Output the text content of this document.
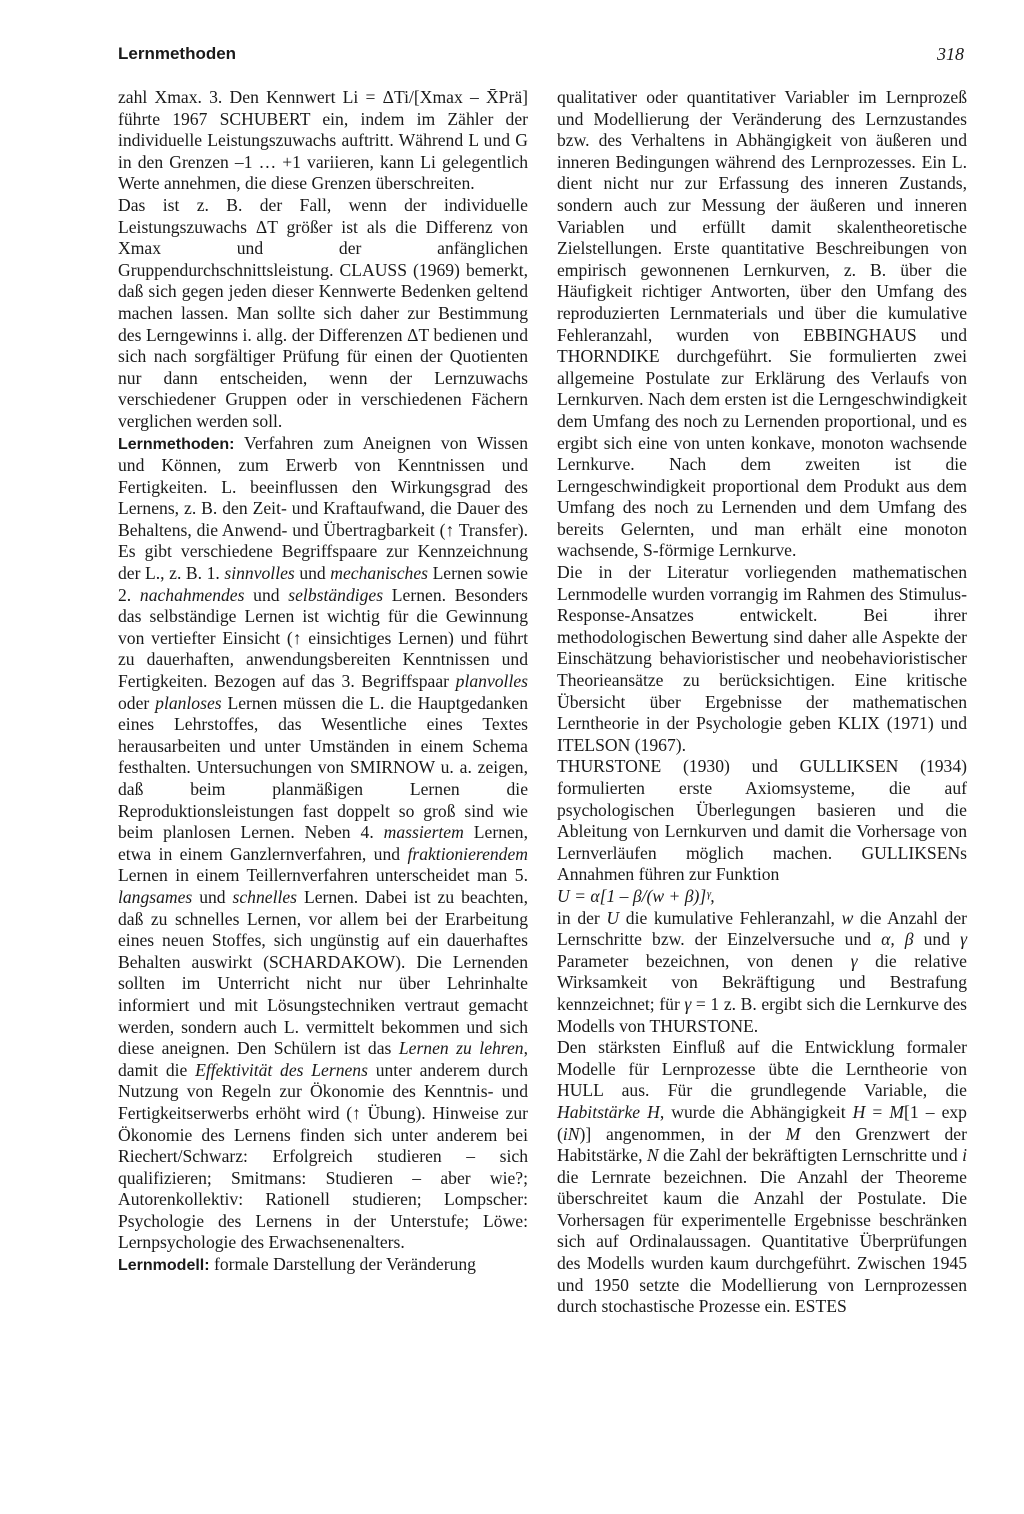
Lernmethoden	318

zahl Xmax. 3. Den Kennwert Li = ΔTi/[Xmax – X̄Prä] führte 1967 SCHUBERT ein, indem im Zähler der individuelle Leistungszuwachs auftritt. Während L und G in den Grenzen –1 … +1 variieren, kann Li gelegentlich Werte annehmen, die diese Grenzen überschreiten.

Das ist z. B. der Fall, wenn der individuelle Leistungszuwachs ΔT größer ist als die Differenz von Xmax und der anfänglichen Gruppendurchschnittsleistung. CLAUSS (1969) bemerkt, daß sich gegen jeden dieser Kennwerte Bedenken geltend machen lassen. Man sollte sich daher zur Bestimmung des Lerngewinns i. allg. der Differenzen ΔT bedienen und sich nach sorgfältiger Prüfung für einen der Quotienten nur dann entscheiden, wenn der Lernzuwachs verschiedener Gruppen oder in verschiedenen Fächern verglichen werden soll.

Lernmethoden: Verfahren zum Aneignen von Wissen und Können, zum Erwerb von Kenntnissen und Fertigkeiten. L. beeinflussen den Wirkungsgrad des Lernens, z. B. den Zeit- und Kraftaufwand, die Dauer des Behaltens, die Anwend- und Übertragbarkeit (↑ Transfer). Es gibt verschiedene Begriffspaare zur Kennzeichnung der L., z. B. 1. sinnvolles und mechanisches Lernen sowie 2. nachahmendes und selbständiges Lernen. Besonders das selbständige Lernen ist wichtig für die Gewinnung von vertiefter Einsicht (↑ einsichtiges Lernen) und führt zu dauerhaften, anwendungsbereiten Kenntnissen und Fertigkeiten. Bezogen auf das 3. Begriffspaar planvolles oder planloses Lernen müssen die L. die Hauptgedanken eines Lehrstoffes, das Wesentliche eines Textes herausarbeiten und unter Umständen in einem Schema festhalten. Untersuchungen von SMIRNOW u. a. zeigen, daß beim planmäßigen Lernen die Reproduktionsleistungen fast doppelt so groß sind wie beim planlosen Lernen. Neben 4. massiertem Lernen, etwa in einem Ganzlernverfahren, und fraktionierendem Lernen in einem Teillernverfahren unterscheidet man 5. langsames und schnelles Lernen. Dabei ist zu beachten, daß zu schnelles Lernen, vor allem bei der Erarbeitung eines neuen Stoffes, sich ungünstig auf ein dauerhaftes Behalten auswirkt (SCHARDAKOW). Die Lernenden sollten im Unterricht nicht nur über Lehrinhalte informiert und mit Lösungstechniken vertraut gemacht werden, sondern auch L. vermittelt bekommen und sich diese aneignen. Den Schülern ist das Lernen zu lehren, damit die Effektivität des Lernens unter anderem durch Nutzung von Regeln zur Ökonomie des Kenntnis- und Fertigkeitserwerbs erhöht wird (↑ Übung). Hinweise zur Ökonomie des Lernens finden sich unter anderem bei Riechert/Schwarz: Erfolgreich studieren – sich qualifizieren; Smitmans: Studieren – aber wie?; Autorenkollektiv: Rationell studieren; Lompscher: Psychologie des Lernens in der Unterstufe; Löwe: Lernpsychologie des Erwachsenenalters.

Lernmodell: formale Darstellung der Veränderung

qualitativer oder quantitativer Variabler im Lernprozeß und Modellierung der Veränderung des Lernzustandes bzw. des Verhaltens in Abhängigkeit von äußeren und inneren Bedingungen während des Lernprozesses. Ein L. dient nicht nur zur Erfassung des inneren Zustands, sondern auch zur Messung der äußeren und inneren Variablen und erfüllt damit skalentheoretische Zielstellungen. Erste quantitative Beschreibungen von empirisch gewonnenen Lernkurven, z. B. über die Häufigkeit richtiger Antworten, über den Umfang des reproduzierten Lernmaterials und über die kumulative Fehleranzahl, wurden von EBBINGHAUS und THORNDIKE durchgeführt. Sie formulierten zwei allgemeine Postulate zur Erklärung des Verlaufs von Lernkurven. Nach dem ersten ist die Lerngeschwindigkeit dem Umfang des noch zu Lernenden proportional, und es ergibt sich eine von unten konkave, monoton wachsende Lernkurve. Nach dem zweiten ist die Lerngeschwindigkeit proportional dem Produkt aus dem Umfang des noch zu Lernenden und dem Umfang des bereits Gelernten, und man erhält eine monoton wachsende, S-förmige Lernkurve.

Die in der Literatur vorliegenden mathematischen Lernmodelle wurden vorrangig im Rahmen des Stimulus-Response-Ansatzes entwickelt. Bei ihrer methodologischen Bewertung sind daher alle Aspekte der Einschätzung behavioristischer und neobehavioristischer Theorieansätze zu berücksichtigen. Eine kritische Übersicht über Ergebnisse der mathematischen Lerntheorie in der Psychologie geben KLIX (1971) und ITELSON (1967).

THURSTONE (1930) und GULLIKSEN (1934) formulierten erste Axiomsysteme, die auf psychologischen Überlegungen basieren und die Ableitung von Lernkurven und damit die Vorhersage von Lernverläufen möglich machen. GULLIKSENs Annahmen führen zur Funktion

U = α[1 – β/(w + β)]ᵞ,

in der U die kumulative Fehleranzahl, w die Anzahl der Lernschritte bzw. der Einzelversuche und α, β und γ Parameter bezeichnen, von denen γ die relative Wirksamkeit von Bekräftigung und Bestrafung kennzeichnet; für γ = 1 z. B. ergibt sich die Lernkurve des Modells von THURSTONE.

Den stärksten Einfluß auf die Entwicklung formaler Modelle für Lernprozesse übte die Lerntheorie von HULL aus. Für die grundlegende Variable, die Habitstärke H, wurde die Abhängigkeit H = M[1 – exp (iN)] angenommen, in der M den Grenzwert der Habitstärke, N die Zahl der bekräftigten Lernschritte und i die Lernrate bezeichnen. Die Anzahl der Theoreme überschreitet kaum die Anzahl der Postulate. Die Vorhersagen für experimentelle Ergebnisse beschränken sich auf Ordinalaussagen. Quantitative Überprüfungen des Modells wurden kaum durchgeführt. Zwischen 1945 und 1950 setzte die Modellierung von Lernprozessen durch stochastische Prozesse ein. ESTES
